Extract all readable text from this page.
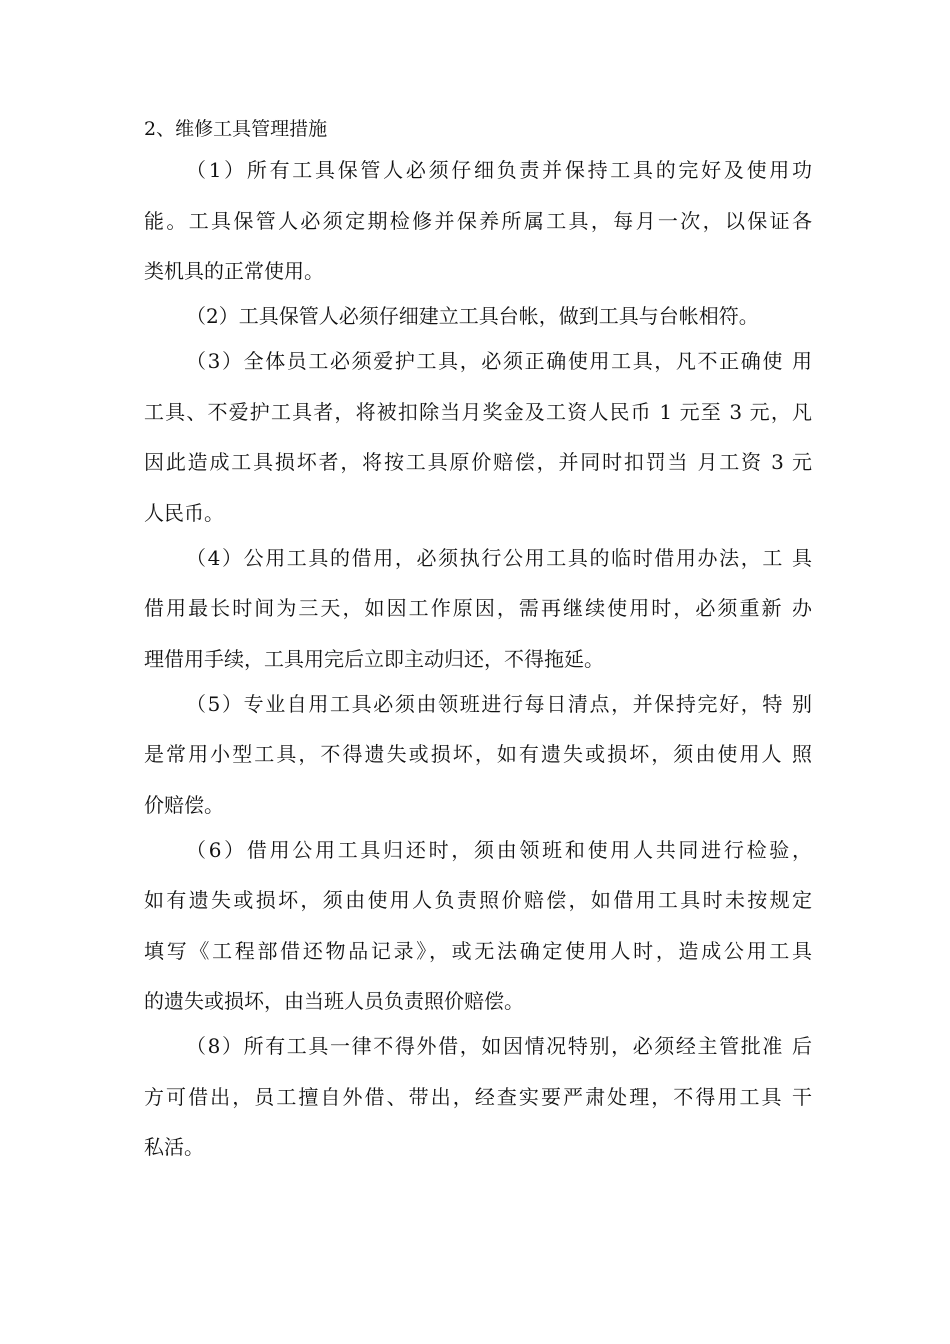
2、维修工具管理措施
（1）所有工具保管人必须仔细负责并保持工具的完好及使用功
能。工具保管人必须定期检修并保养所属工具，每月一次，以保证各
类机具的正常使用。
（2）工具保管人必须仔细建立工具台帐，做到工具与台帐相符。
（3）全体员工必须爱护工具，必须正确使用工具，凡不正确使 用
工具、不爱护工具者，将被扣除当月奖金及工资人民币 1 元至 3 元，凡
因此造成工具损坏者，将按工具原价赔偿，并同时扣罚当 月工资 3 元
人民币。
（4）公用工具的借用，必须执行公用工具的临时借用办法，工 具
借用最长时间为三天，如因工作原因，需再继续使用时，必须重新 办
理借用手续，工具用完后立即主动归还，不得拖延。
（5）专业自用工具必须由领班进行每日清点，并保持完好，特 别
是常用小型工具，不得遗失或损坏，如有遗失或损坏，须由使用人 照
价赔偿。
（6）借用公用工具归还时，须由领班和使用人共同进行检验，
如有遗失或损坏，须由使用人负责照价赔偿，如借用工具时未按规定
填写《工程部借还物品记录》，或无法确定使用人时，造成公用工具
的遗失或损坏，由当班人员负责照价赔偿。
（8）所有工具一律不得外借，如因情况特别，必须经主管批准 后
方可借出，员工擅自外借、带出，经查实要严肃处理，不得用工具 干
私活。
